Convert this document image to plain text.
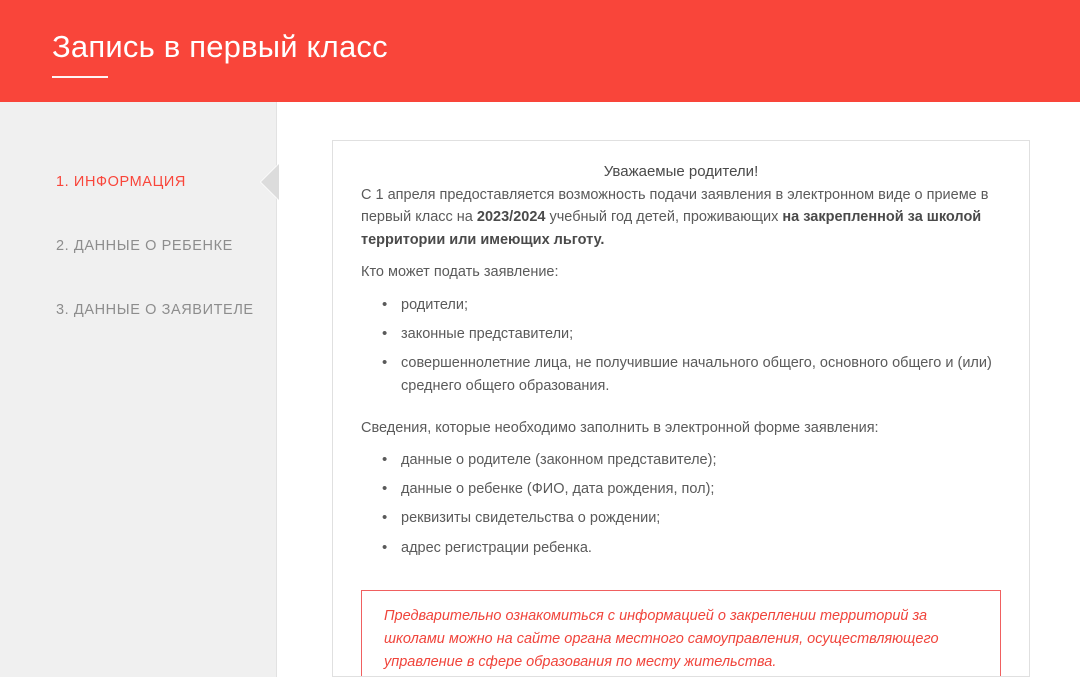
Запись в первый класс
1. ИНФОРМАЦИЯ
2. ДАННЫЕ О РЕБЕНКЕ
3. ДАННЫЕ О ЗАЯВИТЕЛЕ

Уважаемые родители!

С 1 апреля предоставляется возможность подачи заявления в электронном виде о приеме в первый класс на 2023/2024 учебный год детей, проживающих на закрепленной за школой территории или имеющих льготу.

Кто может подать заявление:

• родители;
• законные представители;
• совершеннолетние лица, не получившие начального общего, основного общего и (или) среднего общего образования.

Сведения, которые необходимо заполнить в электронной форме заявления:

• данные о родителе (законном представителе);
• данные о ребенке (ФИО, дата рождения, пол);
• реквизиты свидетельства о рождении;
• адрес регистрации ребенка.
Предварительно ознакомиться с информацией о закреплении территорий за школами можно на сайте органа местного самоуправления, осуществляющего управление в сфере образования по месту жительства.
